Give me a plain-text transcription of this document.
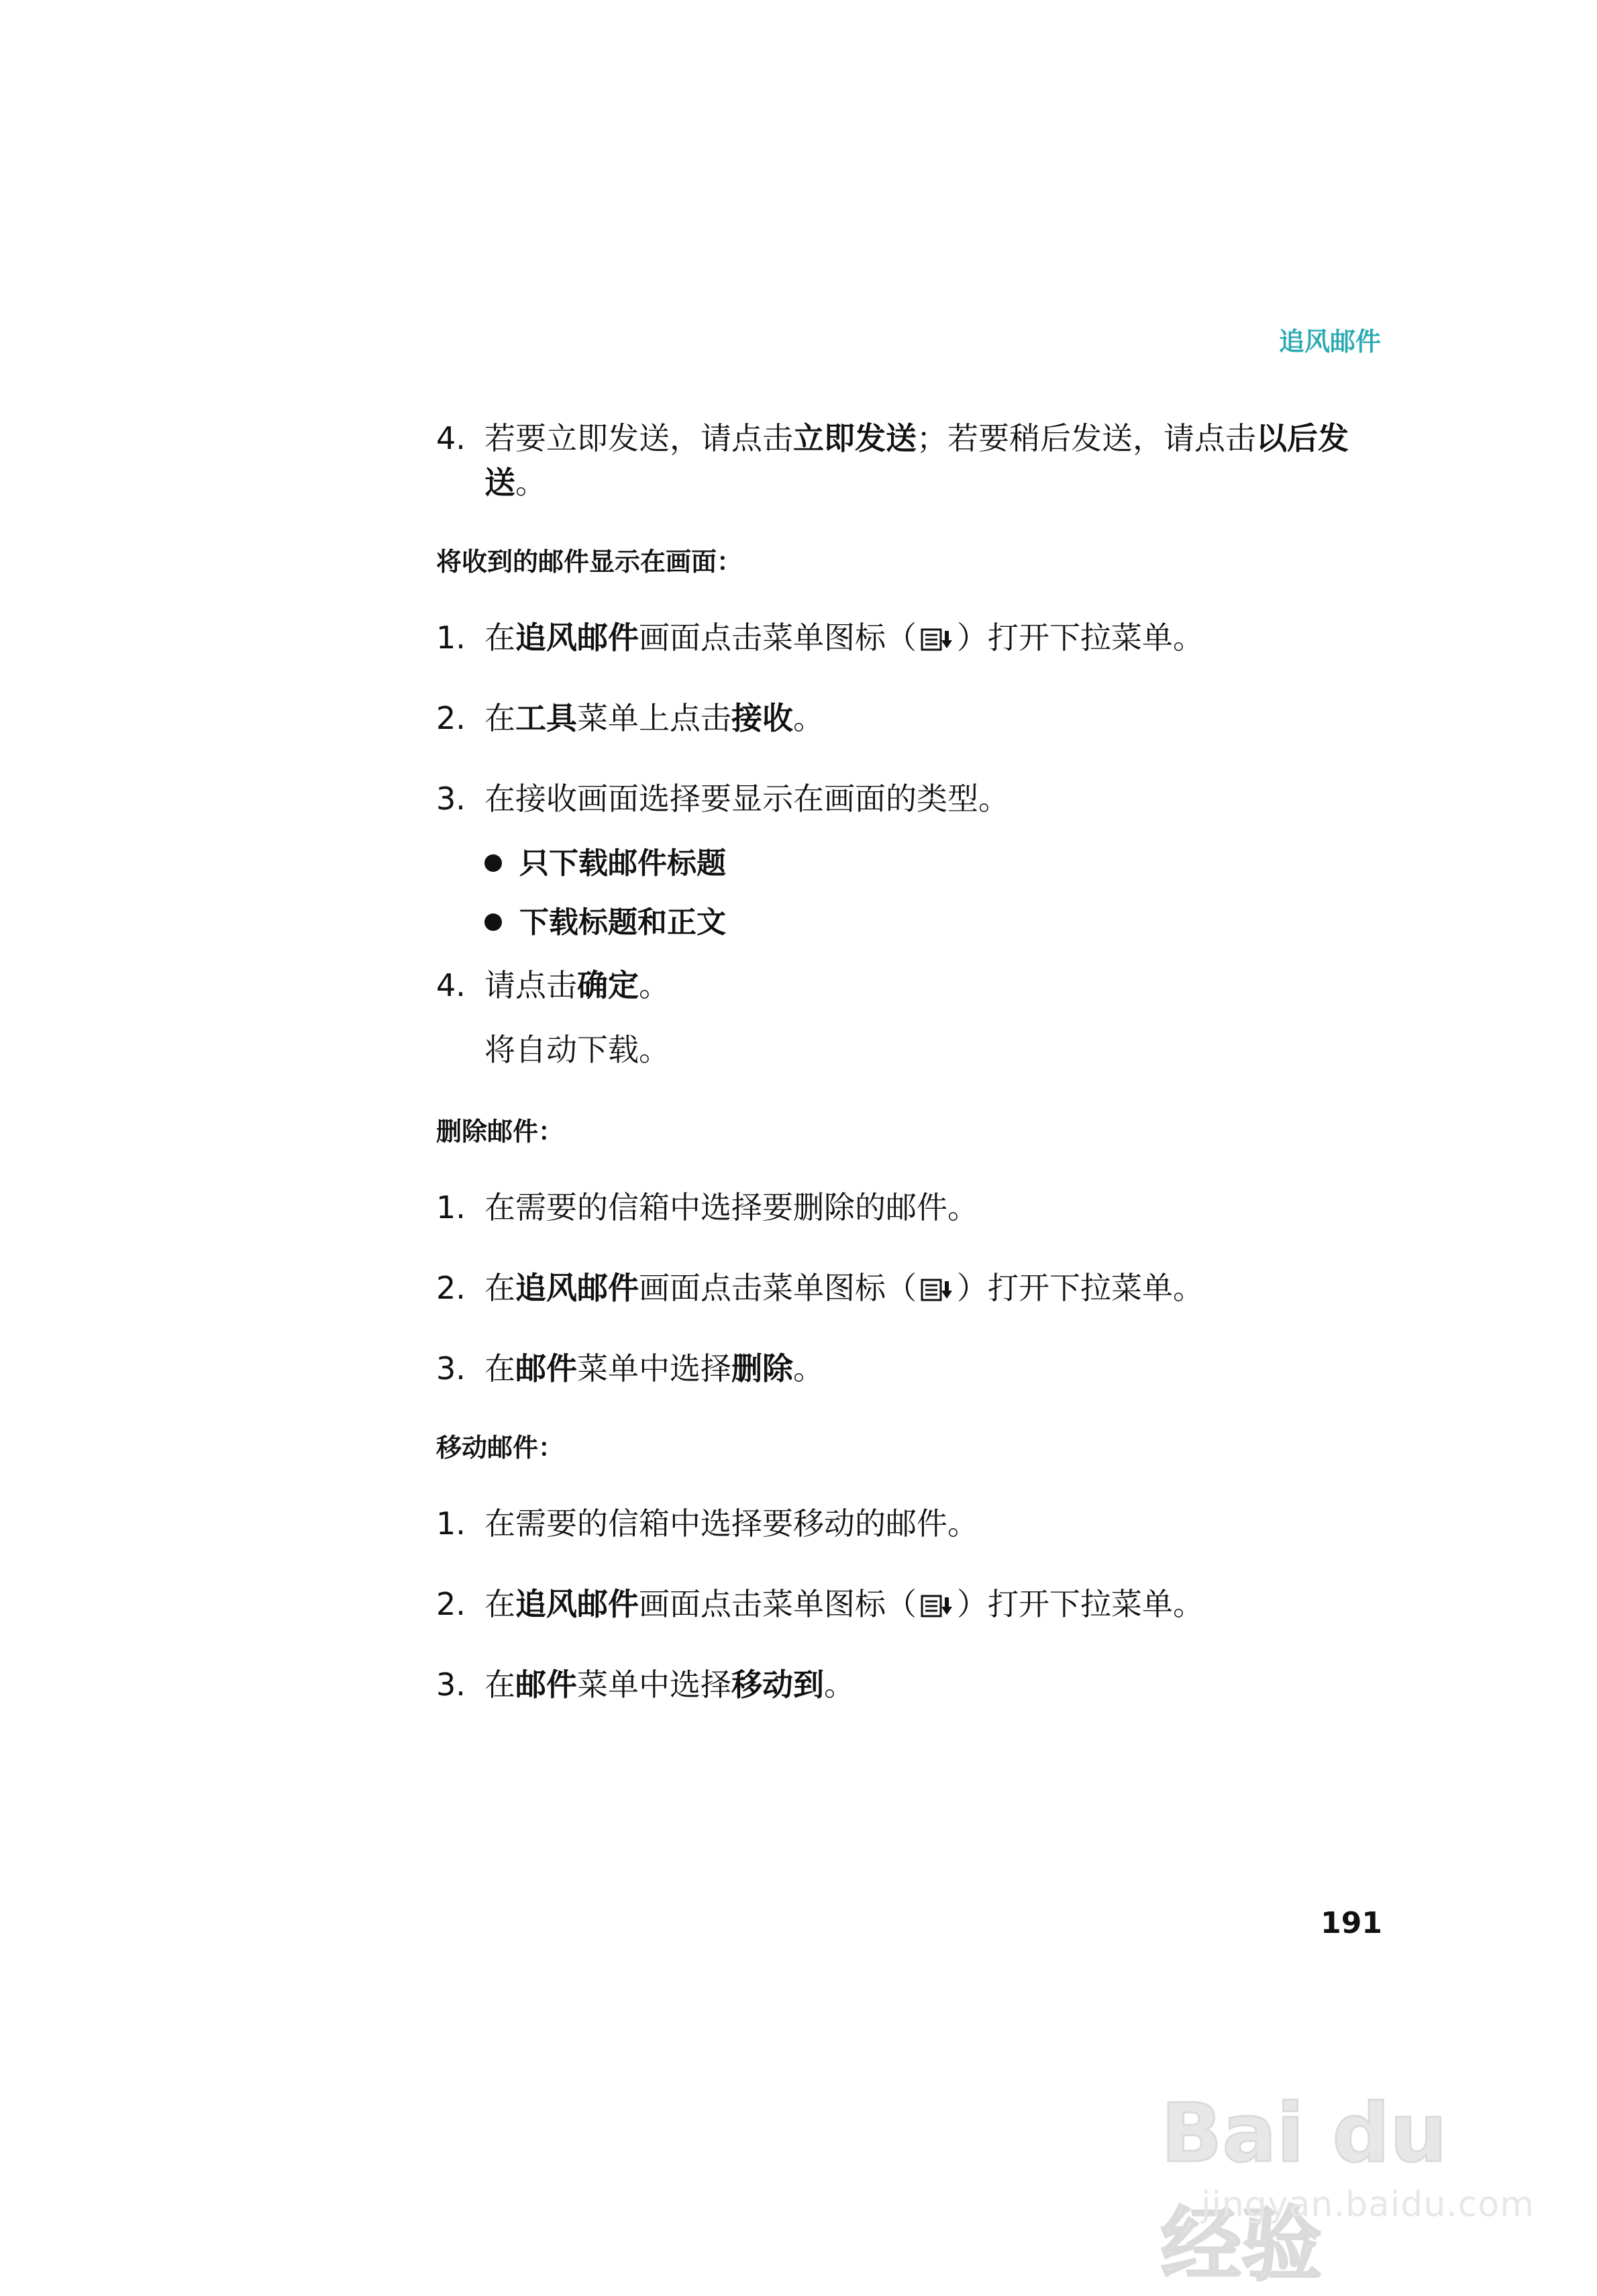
追风邮件
4. 若要立即发送，请点击立即发送；若要稍后发送，请点击以后发送。
将收到的邮件显示在画面：
1. 在追风邮件画面点击菜单图标（ ）打开下拉菜单。
2. 在工具菜单上点击接收。
3. 在接收画面选择要显示在画面的类型。
只下载邮件标题
下载标题和正文
4. 请点击确定。
将自动下载。
删除邮件：
1. 在需要的信箱中选择要删除的邮件。
2. 在追风邮件画面点击菜单图标（ ）打开下拉菜单。
3. 在邮件菜单中选择删除。
移动邮件：
1. 在需要的信箱中选择要移动的邮件。
2. 在追风邮件画面点击菜单图标（ ）打开下拉菜单。
3. 在邮件菜单中选择移动到。
191
Bai du 经验
jingyan.baidu.com
